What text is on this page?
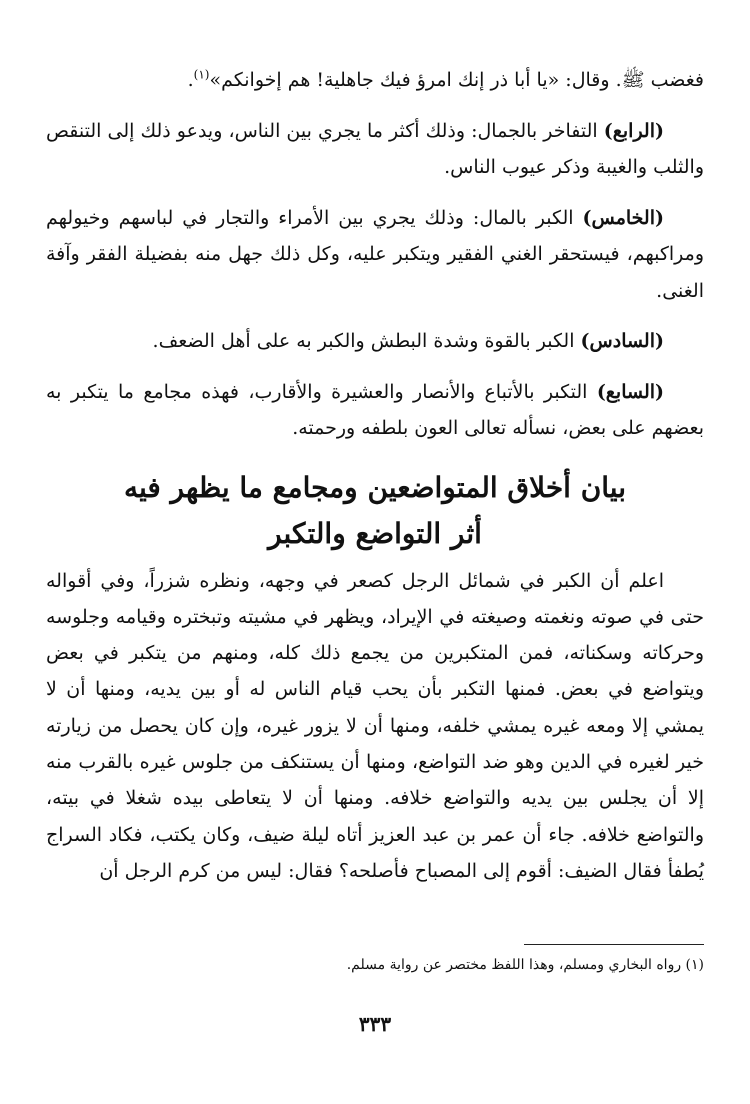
فغضب ﷺ. وقال: «يا أبا ذر إنك امرؤ فيك جاهلية! هم إخوانكم»$^{(١)}$.

(الرابع) التفاخر بالجمال: وذلك أكثر ما يجري بين الناس، ويدعو ذلك إلى التنقص والثلب والغيبة وذكر عيوب الناس.

(الخامس) الكبر بالمال: وذلك يجري بين الأمراء والتجار في لباسهم وخيولهم ومراكبهم، فيستحقر الغني الفقير ويتكبر عليه، وكل ذلك جهل منه بفضيلة الفقر وآفة الغنى.

(السادس) الكبر بالقوة وشدة البطش والكبر به على أهل الضعف.

(السابع) التكبر بالأتباع والأنصار والعشيرة والأقارب، فهذه مجامع ما يتكبر به بعضهم على بعض، نسأله تعالى العون بلطفه ورحمته.

بيان أخلاق المتواضعين ومجامع ما يظهر فيه
أثر التواضع والتكبر

اعلم أن الكبر في شمائل الرجل كصعر في وجهه، ونظره شزراً، وفي أقواله حتى في صوته ونغمته وصيغته في الإيراد، ويظهر في مشيته وتبختره وقيامه وجلوسه وحركاته وسكناته، فمن المتكبرين من يجمع ذلك كله، ومنهم من يتكبر في بعض ويتواضع في بعض. فمنها التكبر بأن يحب قيام الناس له أو بين يديه، ومنها أن لا يمشي إلا ومعه غيره يمشي خلفه، ومنها أن لا يزور غيره، وإن كان يحصل من زيارته خير لغيره في الدين وهو ضد التواضع، ومنها أن يستنكف من جلوس غيره بالقرب منه إلا أن يجلس بين يديه والتواضع خلافه. ومنها أن لا يتعاطى بيده شغلا في بيته، والتواضع خلافه. جاء أن عمر بن عبد العزيز أتاه ليلة ضيف، وكان يكتب، فكاد السراج يُطفأ فقال الضيف: أقوم إلى المصباح فأصلحه؟ فقال: ليس من كرم الرجل أن

(١) رواه البخاري ومسلم، وهذا اللفظ مختصر عن رواية مسلم.
٣٣٣
